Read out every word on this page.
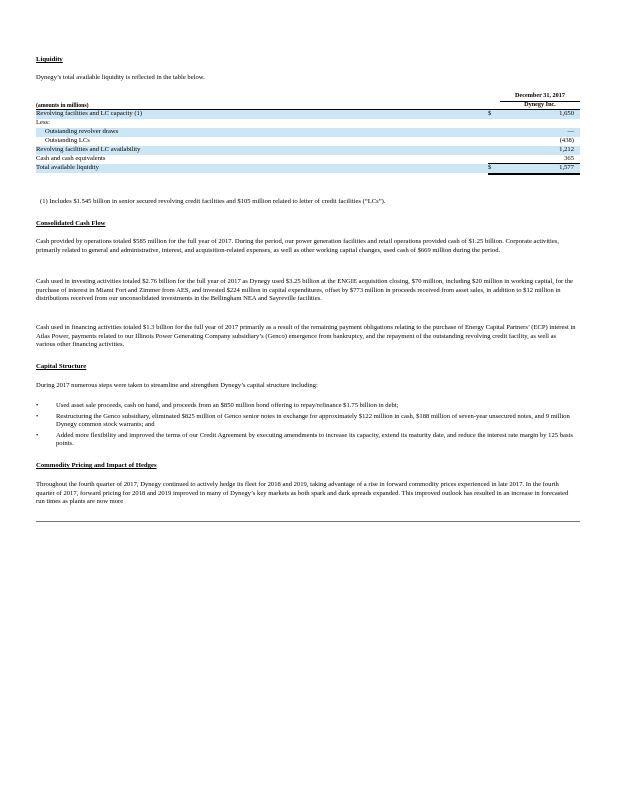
Liquidity
Dynegy’s total available liquidity is reflected in the table below.
December 31, 2017
Dynegy Inc.
(amounts in millions)
Revolving facilities and LC capacity (1)	$	1,650
Less:
Outstanding revolver draws	—
Outstanding LCs	(438)
Revolving facilities and LC availability	1,212
Cash and cash equivalents	365
Total available liquidity	$	1,577
(1) Includes $1.545 billion in senior secured revolving credit facilities and $105 million related to letter of credit facilities (“LCs”).
Consolidated Cash Flow
Cash provided by operations totaled $585 million for the full year of 2017. During the period, our power generation facilities and retail operations provided cash of $1.25 billion. Corporate activities, primarily related to general and administrative, interest, and acquisition-related expenses, as well as other working capital changes, used cash of $669 million during the period.
Cash used in investing activities totaled $2.76 billion for the full year of 2017 as Dynegy used $3.25 billion at the ENGIE acquisition closing, $70 million, including $20 million in working capital, for the purchase of interest in Miami Fort and Zimmer from AES, and invested $224 million in capital expenditures, offset by $773 million in proceeds received from asset sales, in addition to $12 million in distributions received from our unconsolidated investments in the Bellingham NEA and Sayreville facilities.
Cash used in financing activities totaled $1.3 billion for the full year of 2017 primarily as a result of the remaining payment obligations relating to the purchase of Energy Capital Partners’ (ECP) interest in Atlas Power, payments related to our Illinois Power Generating Company subsidiary’s (Genco) emergence from bankruptcy, and the repayment of the outstanding revolving credit facility, as well as various other financing activities.
Capital Structure
During 2017 numerous steps were taken to streamline and strengthen Dynegy’s capital structure including:
•	Used asset sale proceeds, cash on hand, and proceeds from an $850 million bond offering to repay/refinance $1.75 billion in debt;
•	Restructuring the Genco subsidiary, eliminated $825 million of Genco senior notes in exchange for approximately $122 million in cash, $188 million of seven-year unsecured notes, and 9 million Dynegy common stock warrants; and
•	Added more flexibility and improved the terms of our Credit Agreement by executing amendments to increase its capacity, extend its maturity date, and reduce the interest rate margin by 125 basis points.
Commodity Pricing and Impact of Hedges
Throughout the fourth quarter of 2017, Dynegy continued to actively hedge its fleet for 2018 and 2019, taking advantage of a rise in forward commodity prices experienced in late 2017. In the fourth quarter of 2017, forward pricing for 2018 and 2019 improved in many of Dynegy’s key markets as both spark and dark spreads expanded. This improved outlook has resulted in an increase in forecasted run times as plants are now more
